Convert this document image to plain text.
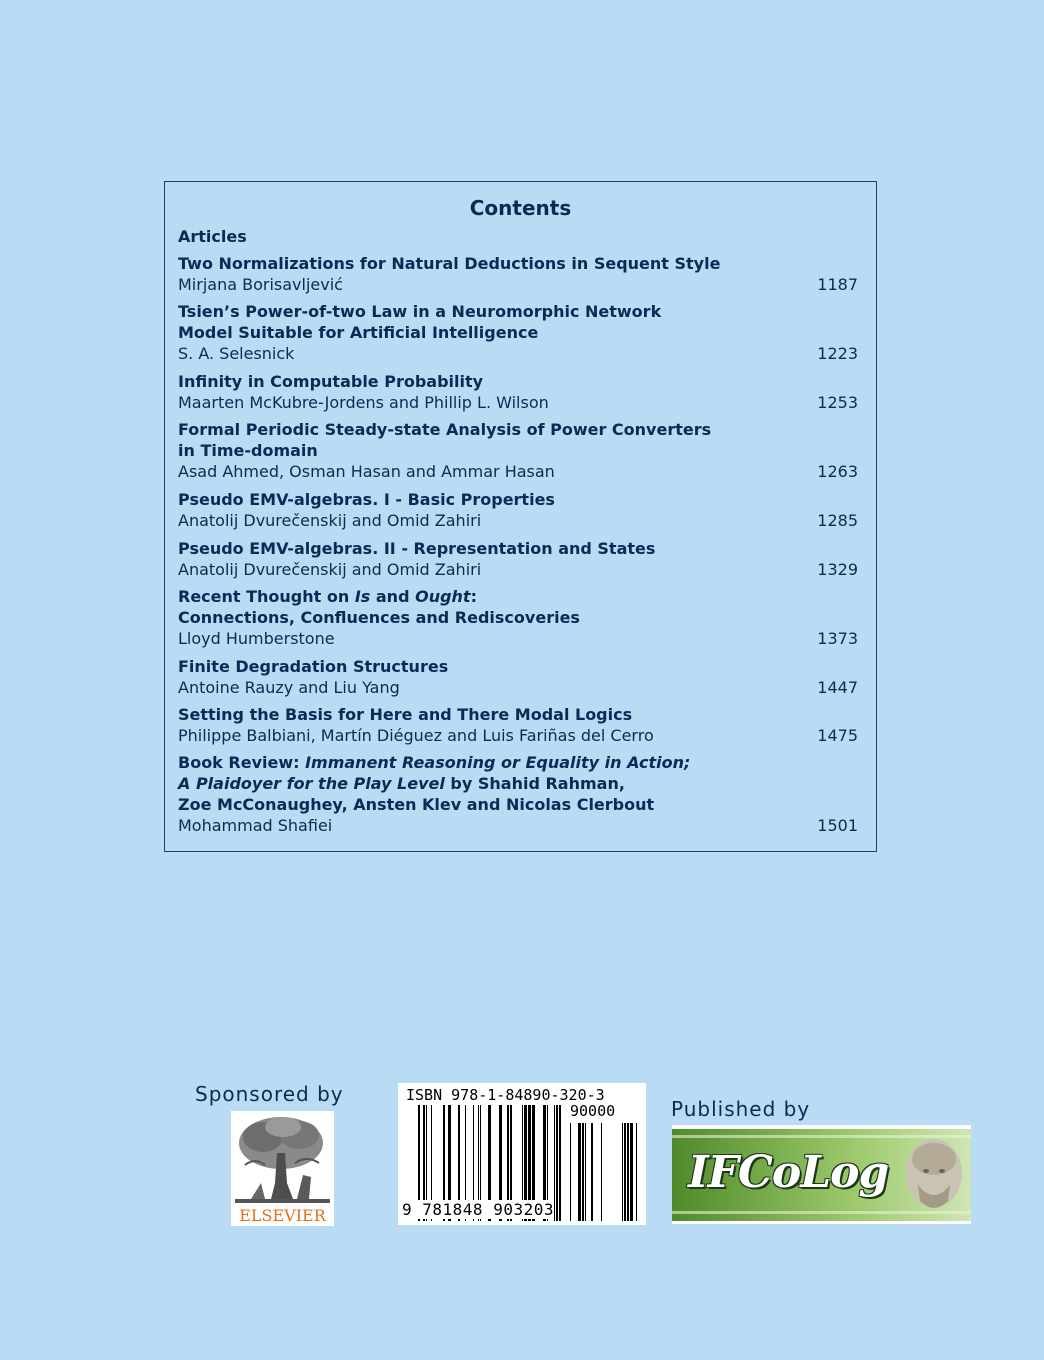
Contents
Articles
Two Normalizations for Natural Deductions in Sequent Style
Mirjana Borisavljević	1187
Tsien’s Power-of-two Law in a Neuromorphic Network
Model Suitable for Artificial Intelligence
S. A. Selesnick	1223
Infinity in Computable Probability
Maarten McKubre-Jordens and Phillip L. Wilson	1253
Formal Periodic Steady-state Analysis of Power Converters
in Time-domain
Asad Ahmed, Osman Hasan and Ammar Hasan	1263
Pseudo EMV-algebras. I - Basic Properties
Anatolij Dvurečenskij and Omid Zahiri	1285
Pseudo EMV-algebras. II - Representation and States
Anatolij Dvurečenskij and Omid Zahiri	1329
Recent Thought on Is and Ought:
Connections, Confluences and Rediscoveries
Lloyd Humberstone	1373
Finite Degradation Structures
Antoine Rauzy and Liu Yang	1447
Setting the Basis for Here and There Modal Logics
Philippe Balbiani, Martín Diéguez and Luis Fariñas del Cerro	1475
Book Review: Immanent Reasoning or Equality in Action;
A Plaidoyer for the Play Level by Shahid Rahman,
Zoe McConaughey, Ansten Klev and Nicolas Clerbout
Mohammad Shafiei	1501
Sponsored by
ELSEVIER
ISBN 978-1-84890-320-3
90000
9 781848 903203
Published by
IFCoLog
